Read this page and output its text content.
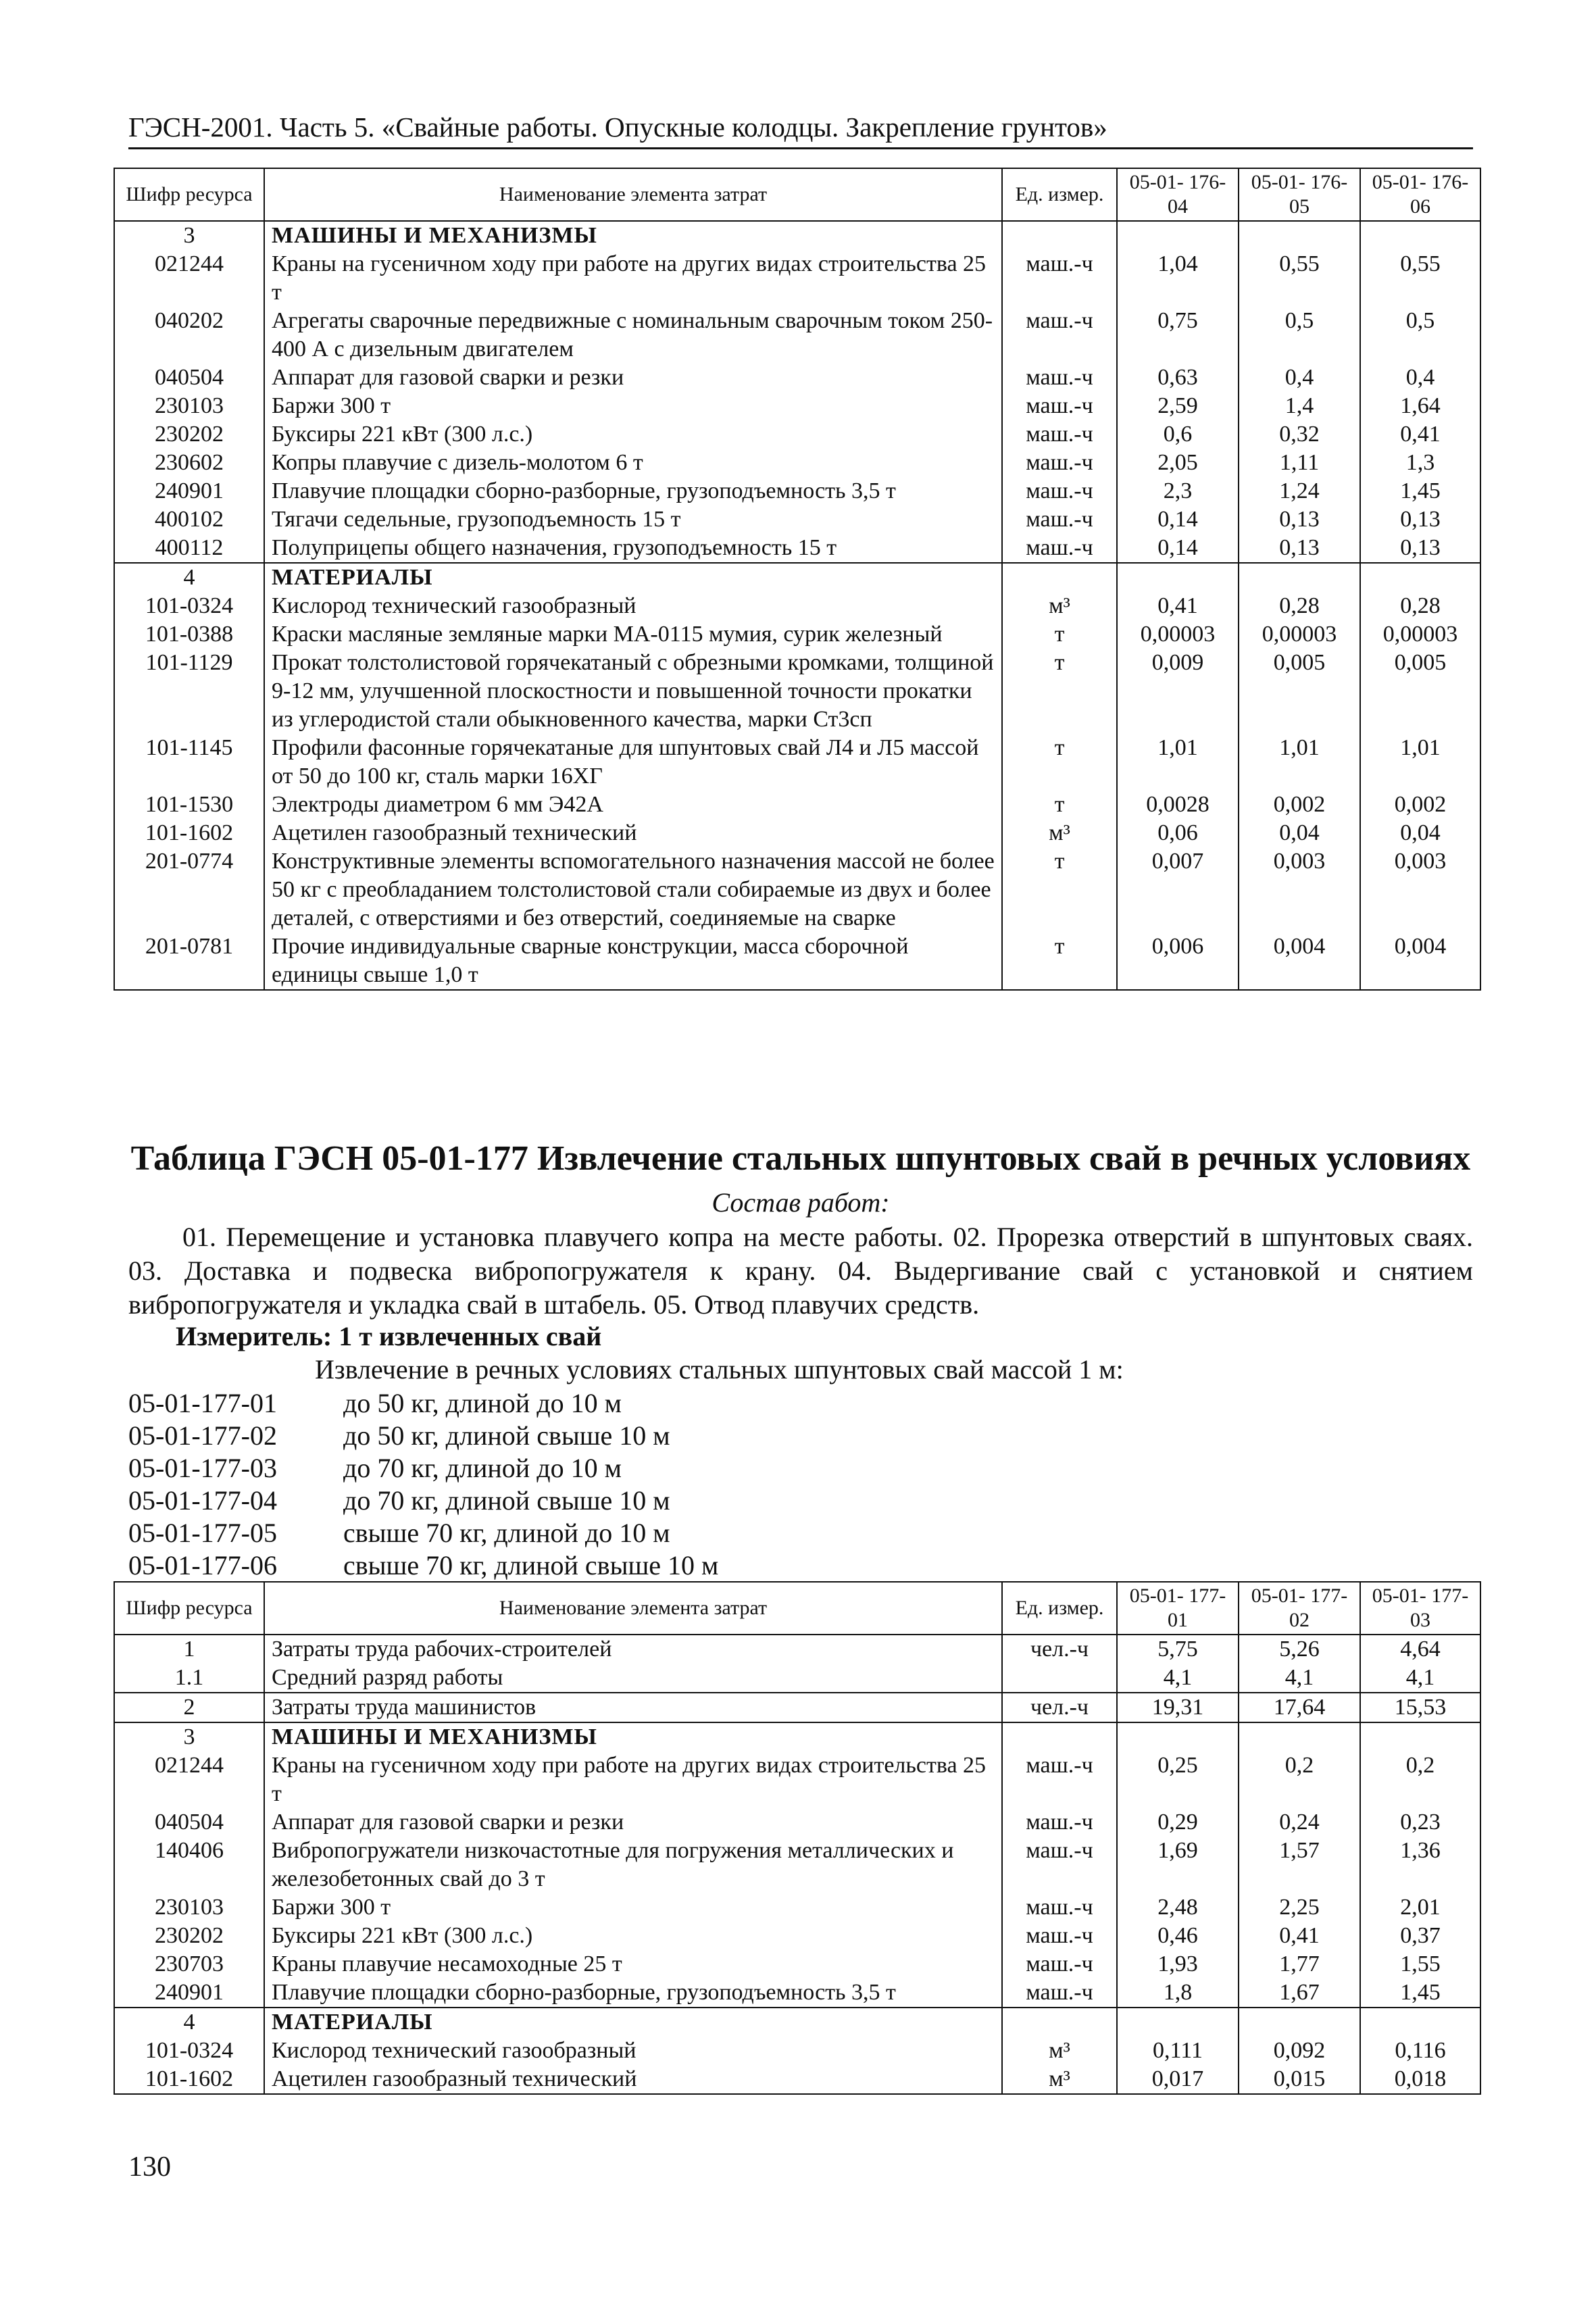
ГЭСН-2001. Часть 5. «Свайные работы. Опускные колодцы. Закрепление грунтов»
Шифр ресурса	Наименование элемента затрат	Ед. измер.	05-01- 176-04	05-01- 176-05	05-01- 176-06
3	МАШИНЫ И МЕХАНИЗМЫ				
021244	Краны на гусеничном ходу при работе на других видах строительства 25 т	маш.-ч	1,04	0,55	0,55
040202	Агрегаты сварочные передвижные с номинальным сварочным током 250-400 А с дизельным двигателем	маш.-ч	0,75	0,5	0,5
040504	Аппарат для газовой сварки и резки	маш.-ч	0,63	0,4	0,4
230103	Баржи 300 т	маш.-ч	2,59	1,4	1,64
230202	Буксиры 221 кВт (300 л.с.)	маш.-ч	0,6	0,32	0,41
230602	Копры плавучие с дизель-молотом 6 т	маш.-ч	2,05	1,11	1,3
240901	Плавучие площадки сборно-разборные, грузоподъемность 3,5 т	маш.-ч	2,3	1,24	1,45
400102	Тягачи седельные, грузоподъемность 15 т	маш.-ч	0,14	0,13	0,13
400112	Полуприцепы общего назначения, грузоподъемность 15 т	маш.-ч	0,14	0,13	0,13
4	МАТЕРИАЛЫ				
101-0324	Кислород технический газообразный	м³	0,41	0,28	0,28
101-0388	Краски масляные земляные марки МА-0115 мумия, сурик железный	т	0,00003	0,00003	0,00003
101-1129	Прокат толстолистовой горячекатаный с обрезными кромками, толщиной 9-12 мм, улучшенной плоскостности и повышенной точности прокатки из углеродистой стали обыкновенного качества, марки Ст3сп	т	0,009	0,005	0,005
101-1145	Профили фасонные горячекатаные для шпунтовых свай Л4 и Л5 массой от 50 до 100 кг, сталь марки 16ХГ	т	1,01	1,01	1,01
101-1530	Электроды диаметром 6 мм Э42А	т	0,0028	0,002	0,002
101-1602	Ацетилен газообразный технический	м³	0,06	0,04	0,04
201-0774	Конструктивные элементы вспомогательного назначения массой не более 50 кг с преобладанием толстолистовой стали собираемые из двух и более деталей, с отверстиями и без отверстий, соединяемые на сварке	т	0,007	0,003	0,003
201-0781	Прочие индивидуальные сварные конструкции, масса сборочной единицы свыше 1,0 т	т	0,006	0,004	0,004
Таблица ГЭСН 05-01-177 Извлечение стальных шпунтовых свай в речных условиях
Состав работ:
01. Перемещение и установка плавучего копра на месте работы. 02. Прорезка отверстий в шпунтовых сваях. 03. Доставка и подвеска вибропогружателя к крану. 04. Выдергивание свай с установкой и снятием вибропогружателя и укладка свай в штабель. 05. Отвод плавучих средств.
Измеритель: 1 т извлеченных свай
Извлечение в речных условиях стальных шпунтовых свай массой 1 м:
05-01-177-01 до 50 кг, длиной до 10 м
05-01-177-02 до 50 кг, длиной свыше 10 м
05-01-177-03 до 70 кг, длиной до 10 м
05-01-177-04 до 70 кг, длиной свыше 10 м
05-01-177-05 свыше 70 кг, длиной до 10 м
05-01-177-06 свыше 70 кг, длиной свыше 10 м
Шифр ресурса	Наименование элемента затрат	Ед. измер.	05-01- 177-01	05-01- 177-02	05-01- 177-03
1	Затраты труда рабочих-строителей	чел.-ч	5,75	5,26	4,64
1.1	Средний разряд работы		4,1	4,1	4,1
2	Затраты труда машинистов	чел.-ч	19,31	17,64	15,53
3	МАШИНЫ И МЕХАНИЗМЫ				
021244	Краны на гусеничном ходу при работе на других видах строительства 25 т	маш.-ч	0,25	0,2	0,2
040504	Аппарат для газовой сварки и резки	маш.-ч	0,29	0,24	0,23
140406	Вибропогружатели низкочастотные для погружения металлических и железобетонных свай до 3 т	маш.-ч	1,69	1,57	1,36
230103	Баржи 300 т	маш.-ч	2,48	2,25	2,01
230202	Буксиры 221 кВт (300 л.с.)	маш.-ч	0,46	0,41	0,37
230703	Краны плавучие несамоходные 25 т	маш.-ч	1,93	1,77	1,55
240901	Плавучие площадки сборно-разборные, грузоподъемность 3,5 т	маш.-ч	1,8	1,67	1,45
4	МАТЕРИАЛЫ				
101-0324	Кислород технический газообразный	м³	0,111	0,092	0,116
101-1602	Ацетилен газообразный технический	м³	0,017	0,015	0,018
130
